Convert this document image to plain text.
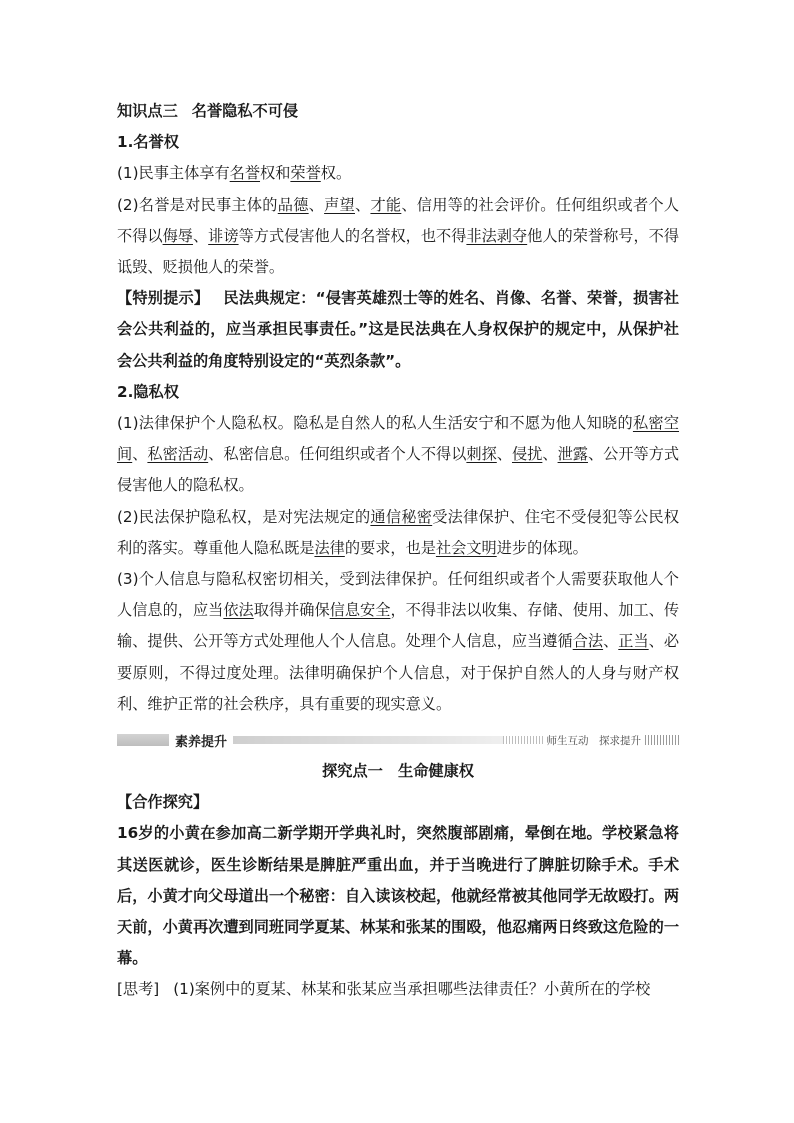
知识点三 名誉隐私不可侵

1.名誉权

(1)民事主体享有名誉权和荣誉权。

(2)名誉是对民事主体的品德、声望、才能、信用等的社会评价。任何组织或者个人不得以侮辱、诽谤等方式侵害他人的名誉权，也不得非法剥夺他人的荣誉称号，不得诋毁、贬损他人的荣誉。

【特别提示】 民法典规定：“侵害英雄烈士等的姓名、肖像、名誉、荣誉，损害社会公共利益的，应当承担民事责任。”这是民法典在人身权保护的规定中，从保护社会公共利益的角度特别设定的“英烈条款”。

2.隐私权

(1)法律保护个人隐私权。隐私是自然人的私人生活安宁和不愿为他人知晓的私密空间、私密活动、私密信息。任何组织或者个人不得以刺探、侵扰、泄露、公开等方式侵害他人的隐私权。

(2)民法保护隐私权，是对宪法规定的通信秘密受法律保护、住宅不受侵犯等公民权利的落实。尊重他人隐私既是法律的要求，也是社会文明进步的体现。

(3)个人信息与隐私权密切相关，受到法律保护。任何组织或者个人需要获取他人个人信息的，应当依法取得并确保信息安全，不得非法以收集、存储、使用、加工、传输、提供、公开等方式处理他人个人信息。处理个人信息，应当遵循合法、正当、必要原则，不得过度处理。法律明确保护个人信息，对于保护自然人的人身与财产权利、维护正常的社会秩序，具有重要的现实意义。

素养提升	师生互动　探求提升

探究点一　生命健康权

【合作探究】

16岁的小黄在参加高二新学期开学典礼时，突然腹部剧痛，晕倒在地。学校紧急将其送医就诊，医生诊断结果是脾脏严重出血，并于当晚进行了脾脏切除手术。手术后，小黄才向父母道出一个秘密：自入读该校起，他就经常被其他同学无故殴打。两天前，小黄再次遭到同班同学夏某、林某和张某的围殴，他忍痛两日终致这危险的一幕。

[思考] (1)案例中的夏某、林某和张某应当承担哪些法律责任？小黄所在的学校
